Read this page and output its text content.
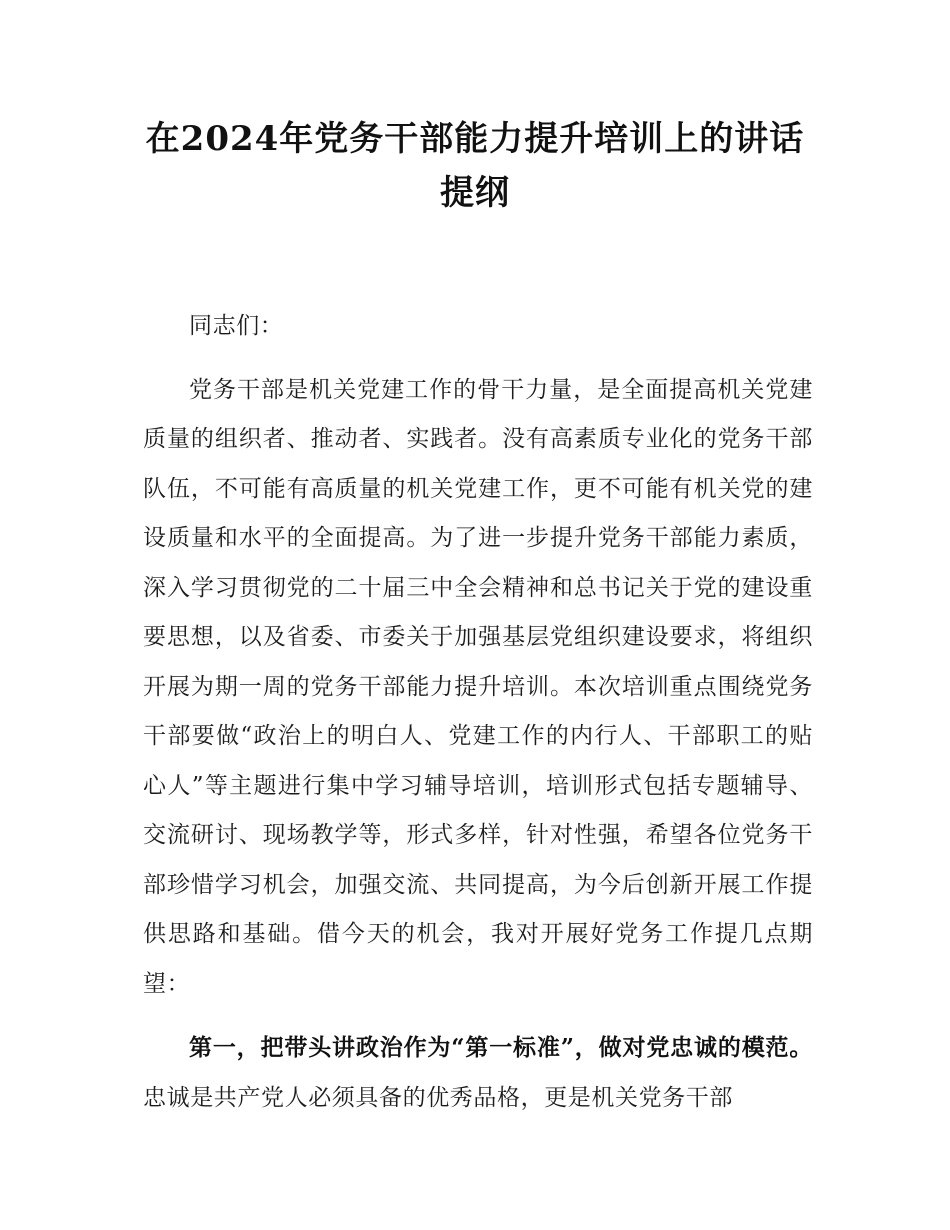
在2024年党务干部能力提升培训上的讲话提纲

同志们：

党务干部是机关党建工作的骨干力量，是全面提高机关党建质量的组织者、推动者、实践者。没有高素质专业化的党务干部队伍，不可能有高质量的机关党建工作，更不可能有机关党的建设质量和水平的全面提高。为了进一步提升党务干部能力素质，深入学习贯彻党的二十届三中全会精神和总书记关于党的建设重要思想，以及省委、市委关于加强基层党组织建设要求，将组织开展为期一周的党务干部能力提升培训。本次培训重点围绕党务干部要做“政治上的明白人、党建工作的内行人、干部职工的贴心人”等主题进行集中学习辅导培训，培训形式包括专题辅导、交流研讨、现场教学等，形式多样，针对性强，希望各位党务干部珍惜学习机会，加强交流、共同提高，为今后创新开展工作提供思路和基础。借今天的机会，我对开展好党务工作提几点期望：

第一，把带头讲政治作为“第一标准”，做对党忠诚的模范。忠诚是共产党人必须具备的优秀品格，更是机关党务干部
